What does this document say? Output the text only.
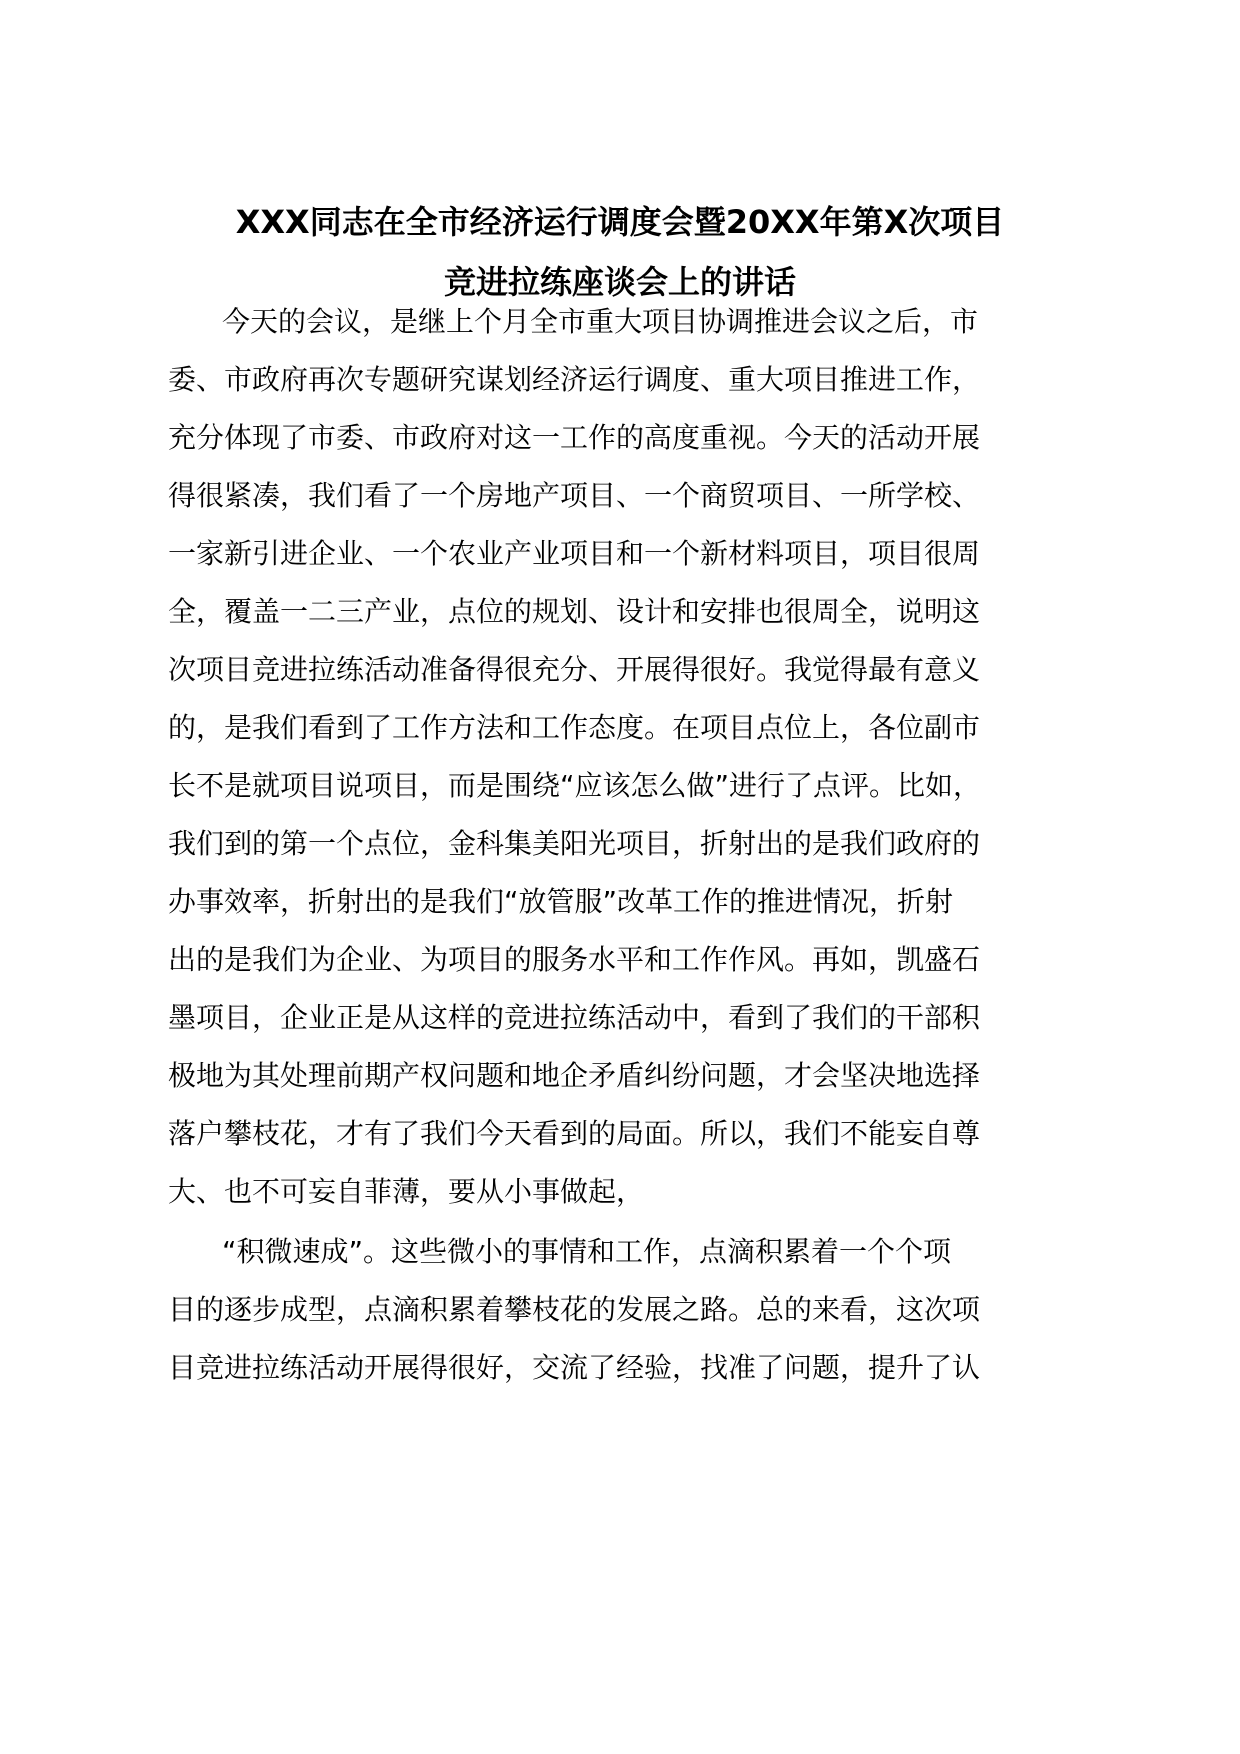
XXX同志在全市经济运行调度会暨20XX年第X次项目
竞进拉练座谈会上的讲话

今天的会议，是继上个月全市重大项目协调推进会议之后，市

委、市政府再次专题研究谋划经济运行调度、重大项目推进工作，

充分体现了市委、市政府对这一工作的高度重视。今天的活动开展

得很紧凑，我们看了一个房地产项目、一个商贸项目、一所学校、

一家新引进企业、一个农业产业项目和一个新材料项目，项目很周

全，覆盖一二三产业，点位的规划、设计和安排也很周全，说明这

次项目竞进拉练活动准备得很充分、开展得很好。我觉得最有意义

的，是我们看到了工作方法和工作态度。在项目点位上，各位副市

长不是就项目说项目，而是围绕“应该怎么做”进行了点评。比如，

我们到的第一个点位，金科集美阳光项目，折射出的是我们政府的

办事效率，折射出的是我们“放管服”改革工作的推进情况，折射

出的是我们为企业、为项目的服务水平和工作作风。再如，凯盛石

墨项目，企业正是从这样的竞进拉练活动中，看到了我们的干部积

极地为其处理前期产权问题和地企矛盾纠纷问题，才会坚决地选择

落户攀枝花，才有了我们今天看到的局面。所以，我们不能妄自尊

大、也不可妄自菲薄，要从小事做起，

“积微速成”。这些微小的事情和工作，点滴积累着一个个项

目的逐步成型，点滴积累着攀枝花的发展之路。总的来看，这次项

目竞进拉练活动开展得很好，交流了经验，找准了问题，提升了认
